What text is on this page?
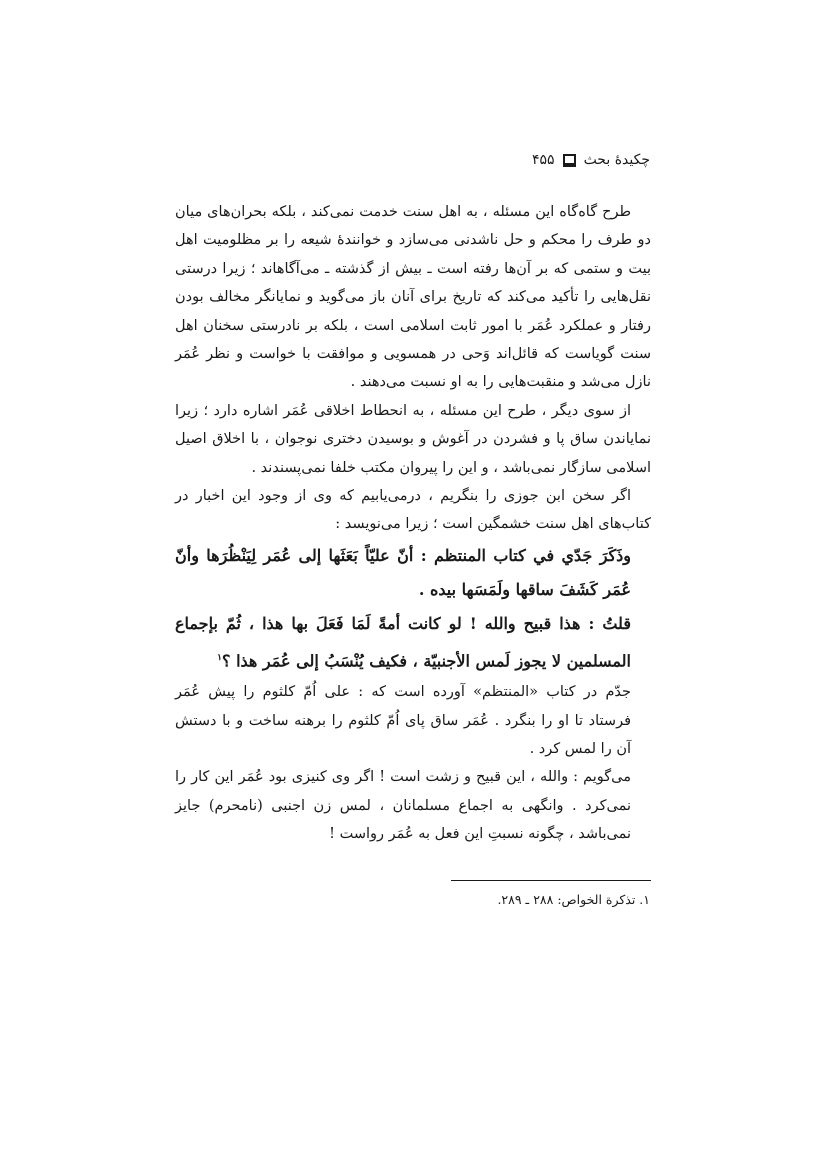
چکیدهٔ بحث
۴۵۵

طرح گاه‌گاه این مسئله ، به اهل سنت خدمت نمی‌کند ، بلکه بحران‌های میان دو طرف را محکم و حل ناشدنی می‌سازد و خوانندهٔ شیعه را بر مظلومیت اهل بیت و ستمی که بر آن‌ها رفته است ـ بیش از گذشته ـ می‌آگاهاند ؛ زیرا درستی نقل‌هایی را تأکید می‌کند که تاریخ برای آنان باز می‌گوید و نمایانگر مخالف بودن رفتار و عملکرد عُمَر با امور ثابت اسلامی است ، بلکه بر نادرستی سخنان اهل سنت گویاست که قائل‌اند وَحی در همسویی و موافقت با خواست و نظر عُمَر نازل می‌شد و منقبت‌هایی را به او نسبت می‌دهند .

از سوی دیگر ، طرح این مسئله ، به انحطاط اخلاقی عُمَر اشاره دارد ؛ زیرا نمایاندن ساق پا و فشردن در آغوش و بوسیدن دختری نوجوان ، با اخلاق اصیل اسلامی سازگار نمی‌باشد ، و این را پیروان مکتب خلفا نمی‌پسندند .

اگر سخن ابن جوزی را بنگریم ، درمی‌یابیم که وی از وجود این اخبار در کتاب‌های اهل سنت خشمگین است ؛ زیرا می‌نویسد :

وذَكَرَ جَدّي في كتاب المنتظم : أنّ عليّاً بَعَثَها إلى عُمَر لِيَنْظُرَها وأنّ عُمَر كَشَفَ ساقها ولَمَسَها بيده .

قلتُ : هذا قبيح والله ! لو كانت أمةً لَمَا فَعَلَ بها هذا ، ثُمّ بإجماع المسلمين لا يجوز لَمس الأجنبيّة ، فكيف يُنْسَبُ إلى عُمَر هذا ؟$^۱$

جدّم در کتاب «المنتظم» آورده است که : علی اُمّ کلثوم را پیش عُمَر فرستاد تا او را بنگرد . عُمَر ساق پای اُمّ کلثوم را برهنه ساخت و با دستش آن را لمس کرد .

می‌گویم : والله ، این قبیح و زشت است ! اگر وی کنیزی بود عُمَر این کار را نمی‌کرد . وانگهی به اجماع مسلمانان ، لمس زن اجنبی (نامحرم) جایز نمی‌باشد ، چگونه نسبتِ این فعل به عُمَر رواست !

۱. تذکرة الخواص: ۲۸۸ ـ ۲۸۹.
